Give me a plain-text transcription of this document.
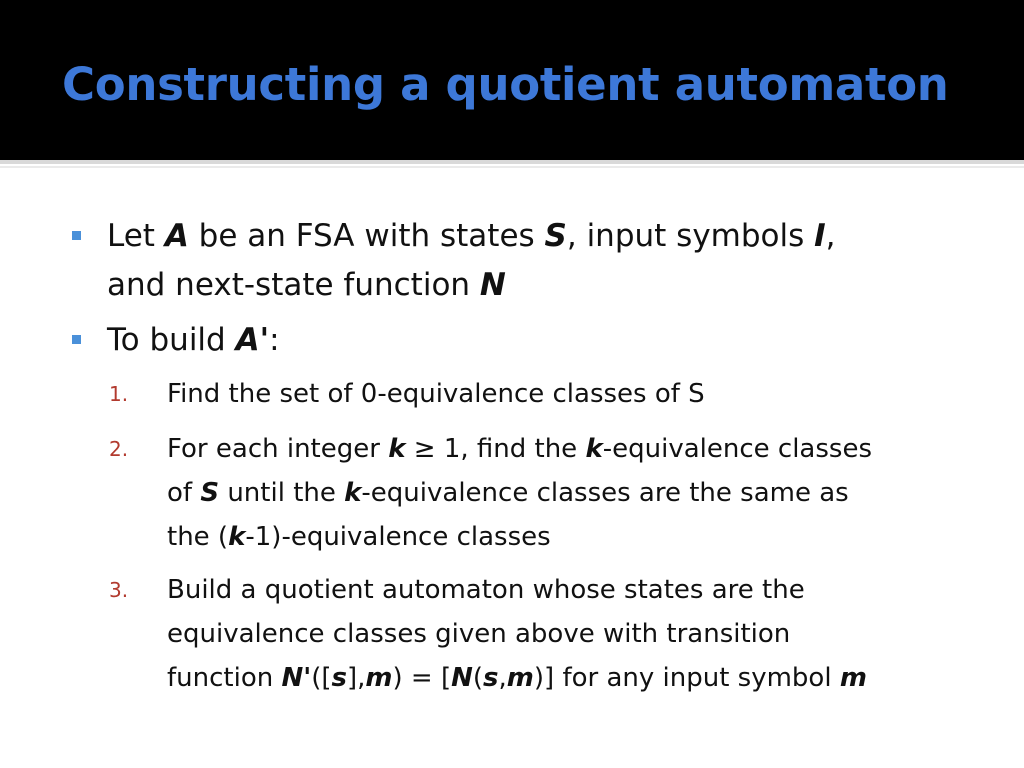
Constructing a quotient automaton
Let A be an FSA with states S, input symbols I,
and next-state function N
To build A':
1. Find the set of 0-equivalence classes of S
2. For each integer k ≥ 1, find the k-equivalence classes
of S until the k-equivalence classes are the same as
the (k-1)-equivalence classes
3. Build a quotient automaton whose states are the
equivalence classes given above with transition
function N'([s],m) = [N(s,m)] for any input symbol m
